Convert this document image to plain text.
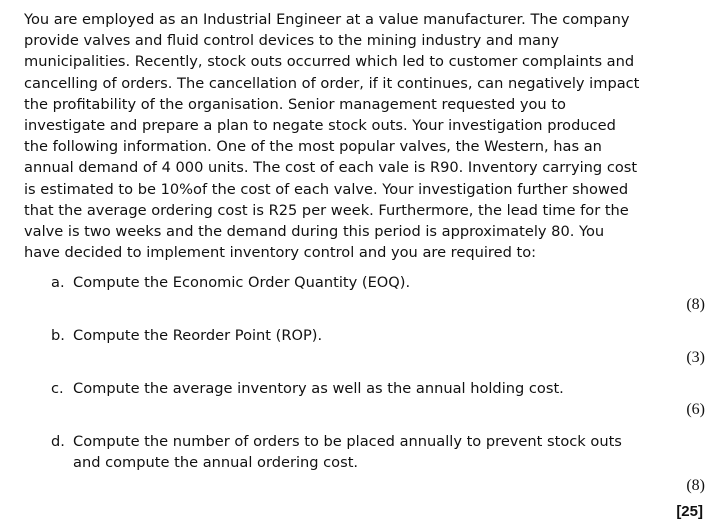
You are employed as an Industrial Engineer at a value manufacturer. The company
provide valves and fluid control devices to the mining industry and many
municipalities. Recently, stock outs occurred which led to customer complaints and
cancelling of orders. The cancellation of order, if it continues, can negatively impact
the profitability of the organisation. Senior management requested you to
investigate and prepare a plan to negate stock outs. Your investigation produced
the following information. One of the most popular valves, the Western, has an
annual demand of 4 000 units. The cost of each vale is R90. Inventory carrying cost
is estimated to be 10%of the cost of each valve. Your investigation further showed
that the average ordering cost is R25 per week. Furthermore, the lead time for the
valve is two weeks and the demand during this period is approximately 80. You
have decided to implement inventory control and you are required to:
a. Compute the Economic Order Quantity (EOQ).
(8)
b. Compute the Reorder Point (ROP).
(3)
c. Compute the average inventory as well as the annual holding cost.
(6)
d. Compute the number of orders to be placed annually to prevent stock outs
and compute the annual ordering cost.
(8)
[25]
